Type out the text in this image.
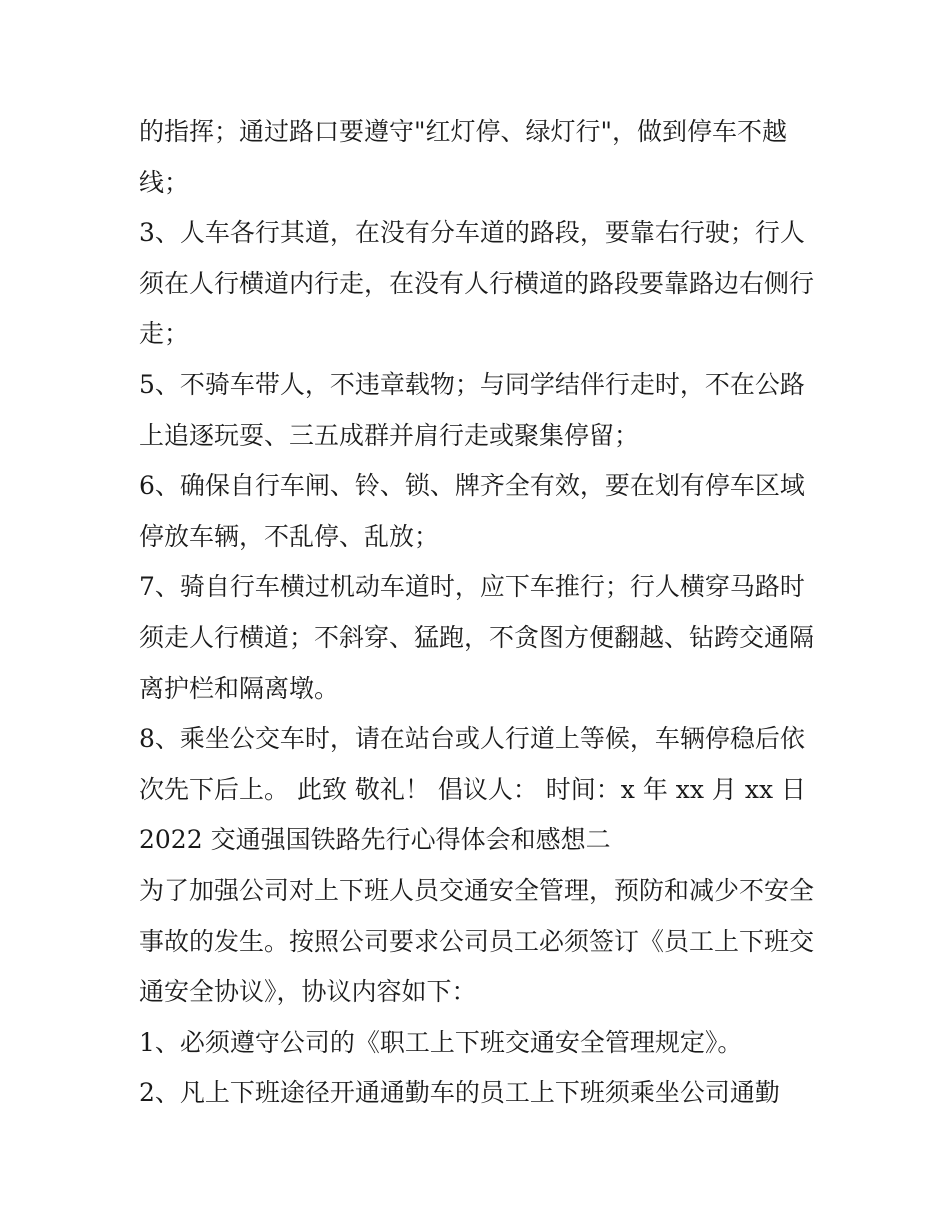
的指挥；通过路口要遵守"红灯停、绿灯行"，做到停车不越
线；
3、人车各行其道，在没有分车道的路段，要靠右行驶；行人
须在人行横道内行走，在没有人行横道的路段要靠路边右侧行
走；
5、不骑车带人，不违章载物；与同学结伴行走时，不在公路
上追逐玩耍、三五成群并肩行走或聚集停留；
6、确保自行车闸、铃、锁、牌齐全有效，要在划有停车区域
停放车辆，不乱停、乱放；
7、骑自行车横过机动车道时，应下车推行；行人横穿马路时
须走人行横道；不斜穿、猛跑，不贪图方便翻越、钻跨交通隔
离护栏和隔离墩。
8、乘坐公交车时，请在站台或人行道上等候，车辆停稳后依
次先下后上。 此致 敬礼！ 倡议人： 时间：x 年 xx 月 xx 日
2022 交通强国铁路先行心得体会和感想二
为了加强公司对上下班人员交通安全管理，预防和减少不安全
事故的发生。按照公司要求公司员工必须签订《员工上下班交
通安全协议》，协议内容如下：
1、必须遵守公司的《职工上下班交通安全管理规定》。
2、凡上下班途径开通通勤车的员工上下班须乘坐公司通勤
